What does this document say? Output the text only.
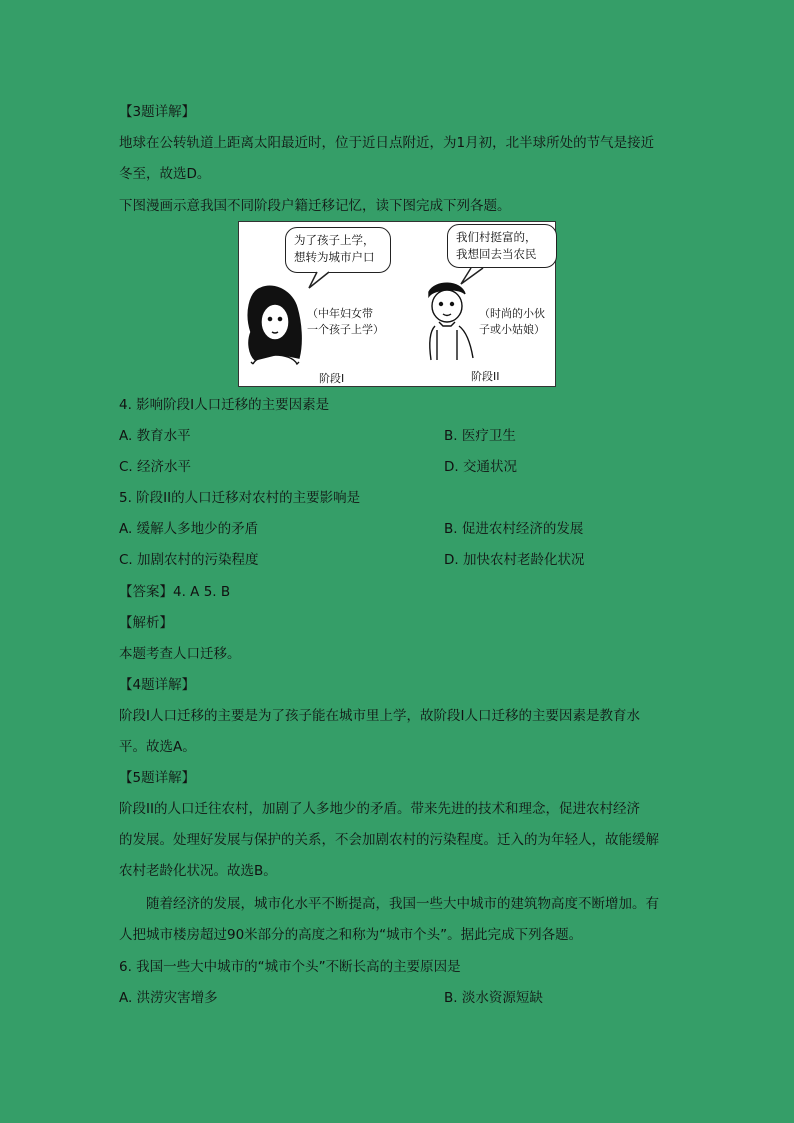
【3题详解】
地球在公转轨道上距离太阳最近时，位于近日点附近，为1月初，北半球所处的节气是接近
冬至，故选D。
下图漫画示意我国不同阶段户籍迁移记忆，读下图完成下列各题。
为了孩子上学，
想转为城市户口
我们村挺富的，
我想回去当农民
（中年妇女带
一个孩子上学）
（时尚的小伙
子或小姑娘）
阶段I	阶段II
4. 影响阶段I人口迁移的主要因素是
A. 教育水平	B. 医疗卫生
C. 经济水平	D. 交通状况
5. 阶段II的人口迁移对农村的主要影响是
A. 缓解人多地少的矛盾	B. 促进农村经济的发展
C. 加剧农村的污染程度	D. 加快农村老龄化状况
【答案】4. A 5. B
【解析】
本题考查人口迁移。
【4题详解】
阶段I人口迁移的主要是为了孩子能在城市里上学，故阶段I人口迁移的主要因素是教育水
平。故选A。
【5题详解】
阶段II的人口迁往农村，加剧了人多地少的矛盾。带来先进的技术和理念，促进农村经济
的发展。处理好发展与保护的关系，不会加剧农村的污染程度。迁入的为年轻人，故能缓解
农村老龄化状况。故选B。
随着经济的发展，城市化水平不断提高，我国一些大中城市的建筑物高度不断增加。有
人把城市楼房超过90米部分的高度之和称为“城市个头”。据此完成下列各题。
6. 我国一些大中城市的“城市个头”不断长高的主要原因是
A. 洪涝灾害增多	B. 淡水资源短缺
